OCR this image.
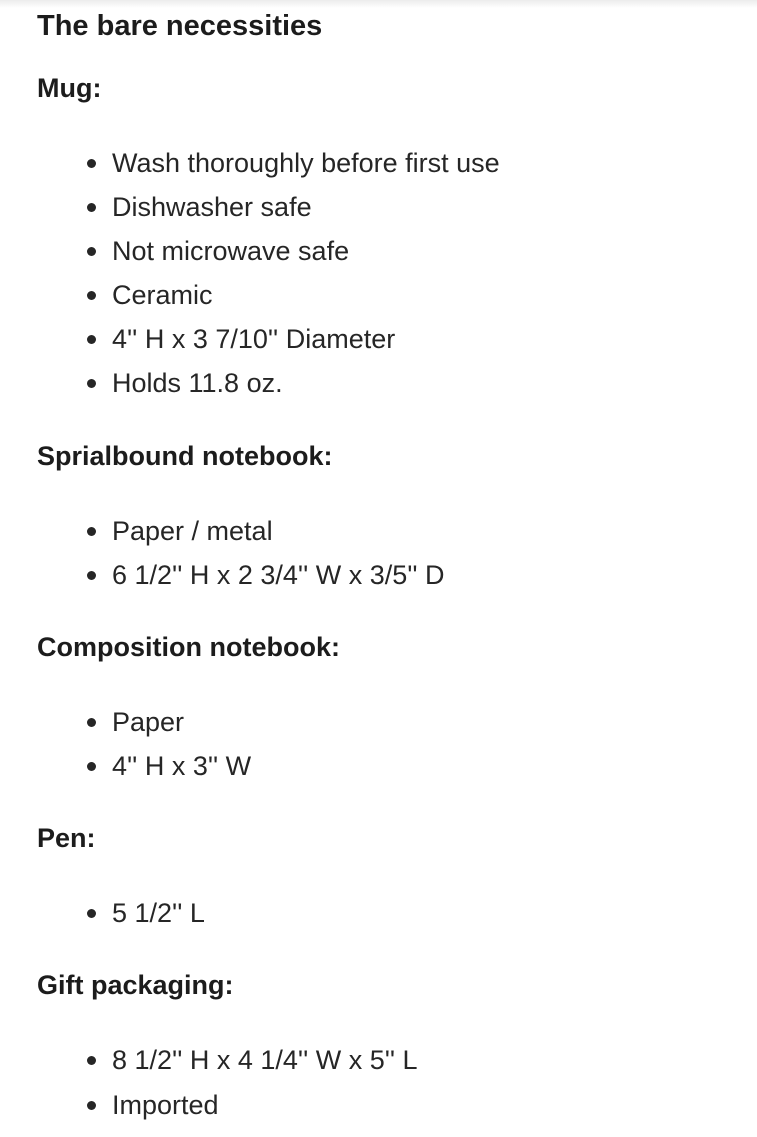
The bare necessities
Mug:
Wash thoroughly before first use
Dishwasher safe
Not microwave safe
Ceramic
4'' H x 3 7/10'' Diameter
Holds 11.8 oz.
Sprialbound notebook:
Paper / metal
6 1/2'' H x 2 3/4'' W x 3/5'' D
Composition notebook:
Paper
4'' H x 3'' W
Pen:
5 1/2'' L
Gift packaging:
8 1/2'' H x 4 1/4'' W x 5'' L
Imported
